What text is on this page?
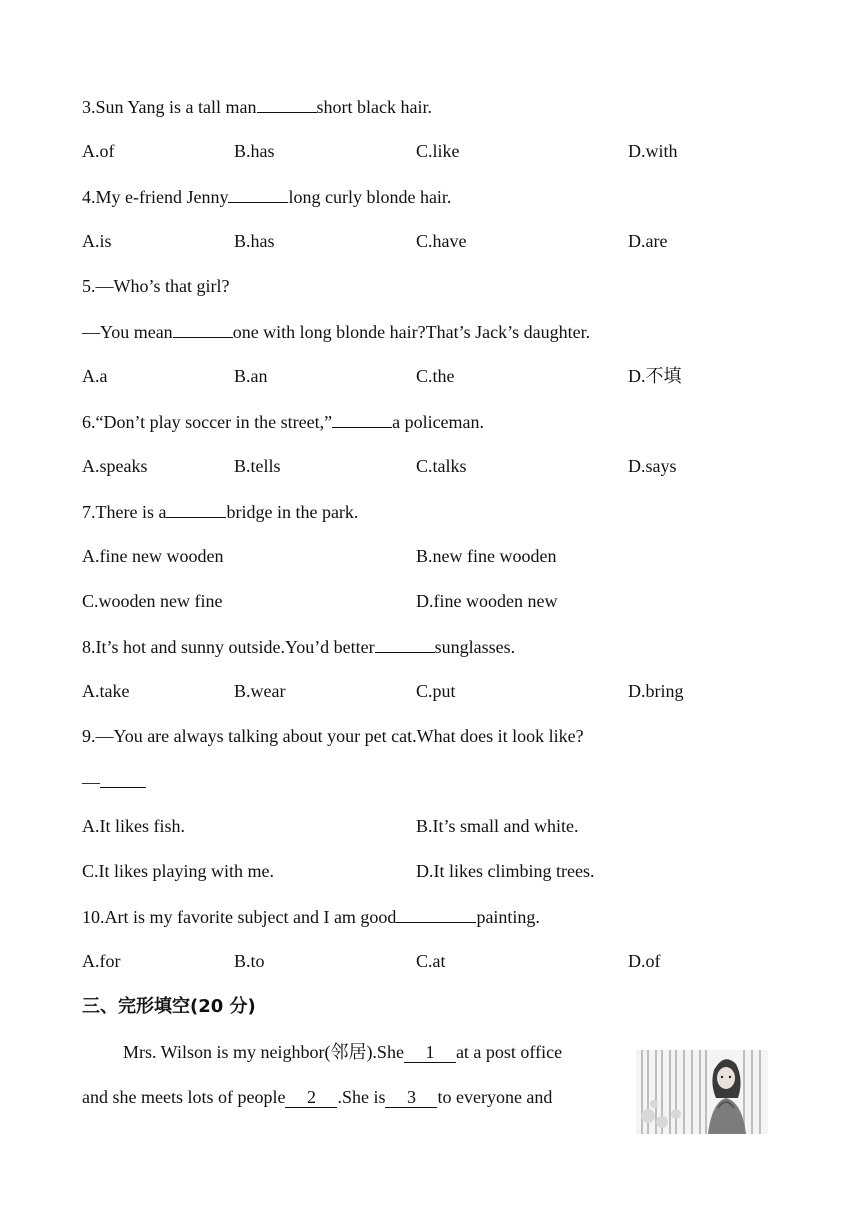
3.Sun Yang is a tall man	short black hair.
A.of	B.has	C.like	D.with
4.My e-friend Jenny	long curly blonde hair.
A.is	B.has	C.have	D.are
5.—Who’s that girl?
—You mean	one with long blonde hair?That’s Jack’s daughter.
A.a	B.an	C.the	D.不填
6.“Don’t play soccer in the street,”	a policeman.
A.speaks	B.tells	C.talks	D.says
7.There is a	bridge in the park.
A.fine new wooden	B.new fine wooden
C.wooden new fine	D.fine wooden new
8.It’s hot and sunny outside.You’d better	sunglasses.
A.take	B.wear	C.put	D.bring
9.—You are always talking about your pet cat.What does it look like?
—
A.It likes fish.	B.It’s small and white.
C.It likes playing with me.	D.It likes climbing trees.
10.Art is my favorite subject and I am good	painting.
A.for	B.to	C.at	D.of
三、完形填空(20 分)
Mrs. Wilson is my neighbor(邻居).She 1 at a post office
and she meets lots of people 2 .She is 3 to everyone and
